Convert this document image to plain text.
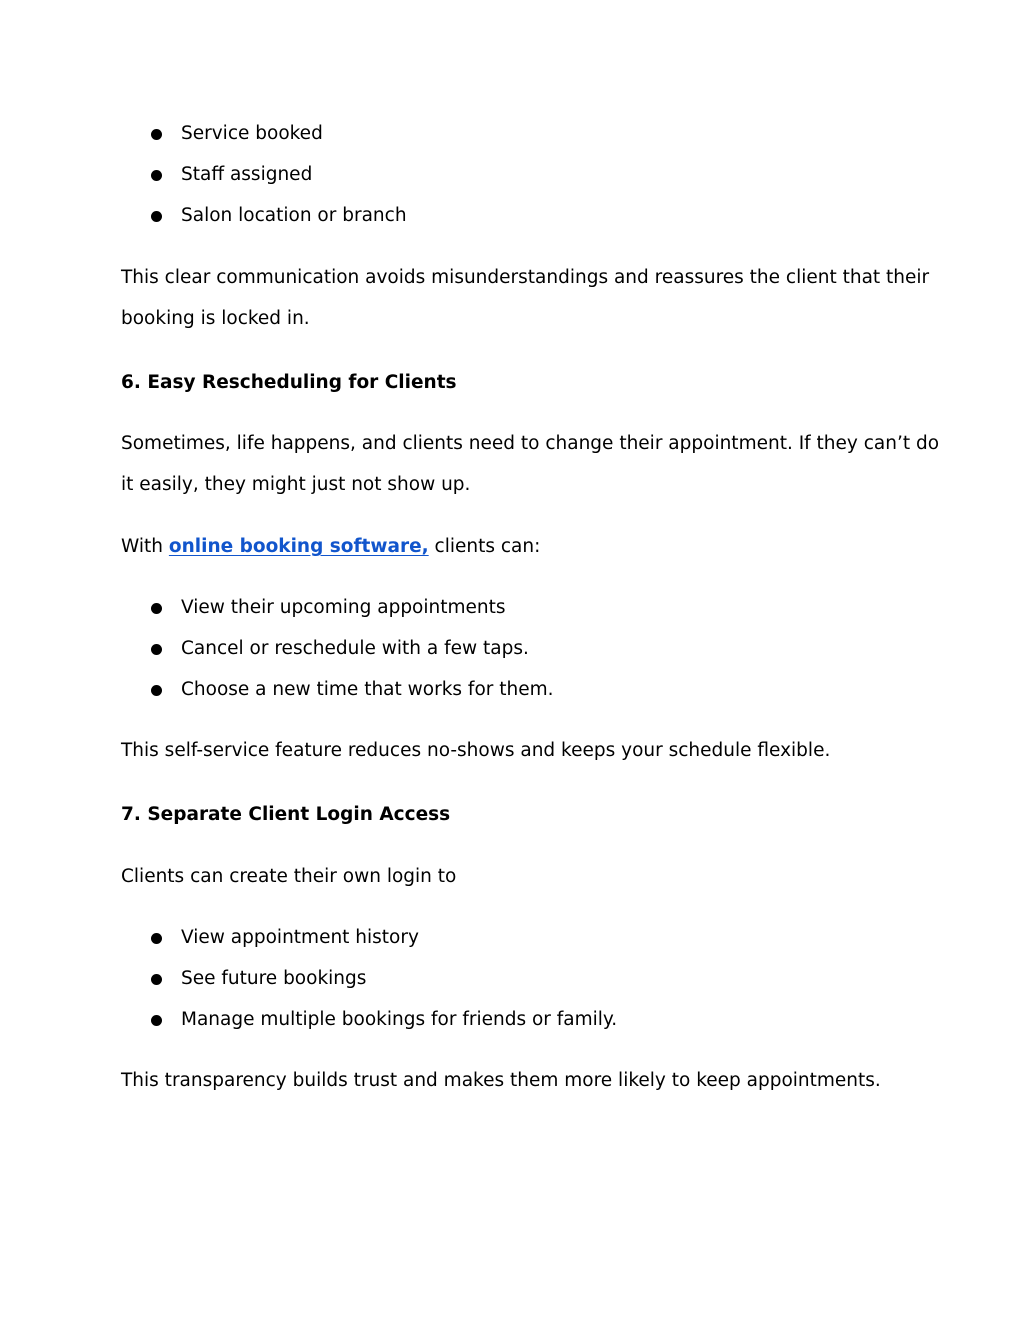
Service booked
Staff assigned
Salon location or branch

This clear communication avoids misunderstandings and reassures the client that their
booking is locked in.

6. Easy Rescheduling for Clients

Sometimes, life happens, and clients need to change their appointment. If they can’t do
it easily, they might just not show up.

With online booking software, clients can:

View their upcoming appointments
Cancel or reschedule with a few taps.
Choose a new time that works for them.

This self-service feature reduces no-shows and keeps your schedule flexible.

7. Separate Client Login Access

Clients can create their own login to

View appointment history
See future bookings
Manage multiple bookings for friends or family.

This transparency builds trust and makes them more likely to keep appointments.
